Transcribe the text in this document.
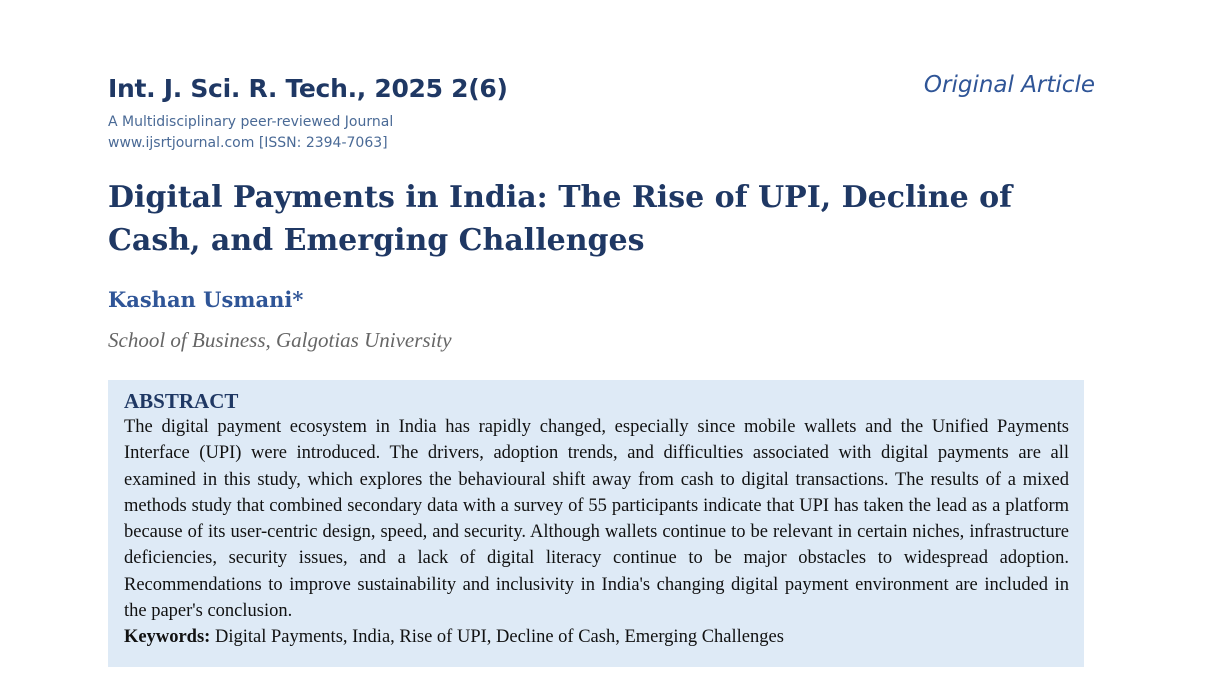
Int. J. Sci. R. Tech., 2025 2(6)
A Multidisciplinary peer-reviewed Journal
www.ijsrtjournal.com [ISSN: 2394-7063]
Original Article
Digital Payments in India: The Rise of UPI, Decline of Cash, and Emerging Challenges
Kashan Usmani*
School of Business, Galgotias University

ABSTRACT

The digital payment ecosystem in India has rapidly changed, especially since mobile wallets and the Unified Payments Interface (UPI) were introduced. The drivers, adoption trends, and difficulties associated with digital payments are all examined in this study, which explores the behavioural shift away from cash to digital transactions. The results of a mixed methods study that combined secondary data with a survey of 55 participants indicate that UPI has taken the lead as a platform because of its user-centric design, speed, and security. Although wallets continue to be relevant in certain niches, infrastructure deficiencies, security issues, and a lack of digital literacy continue to be major obstacles to widespread adoption. Recommendations to improve sustainability and inclusivity in India's changing digital payment environment are included in the paper's conclusion.

Keywords: Digital Payments, India, Rise of UPI, Decline of Cash, Emerging Challenges
